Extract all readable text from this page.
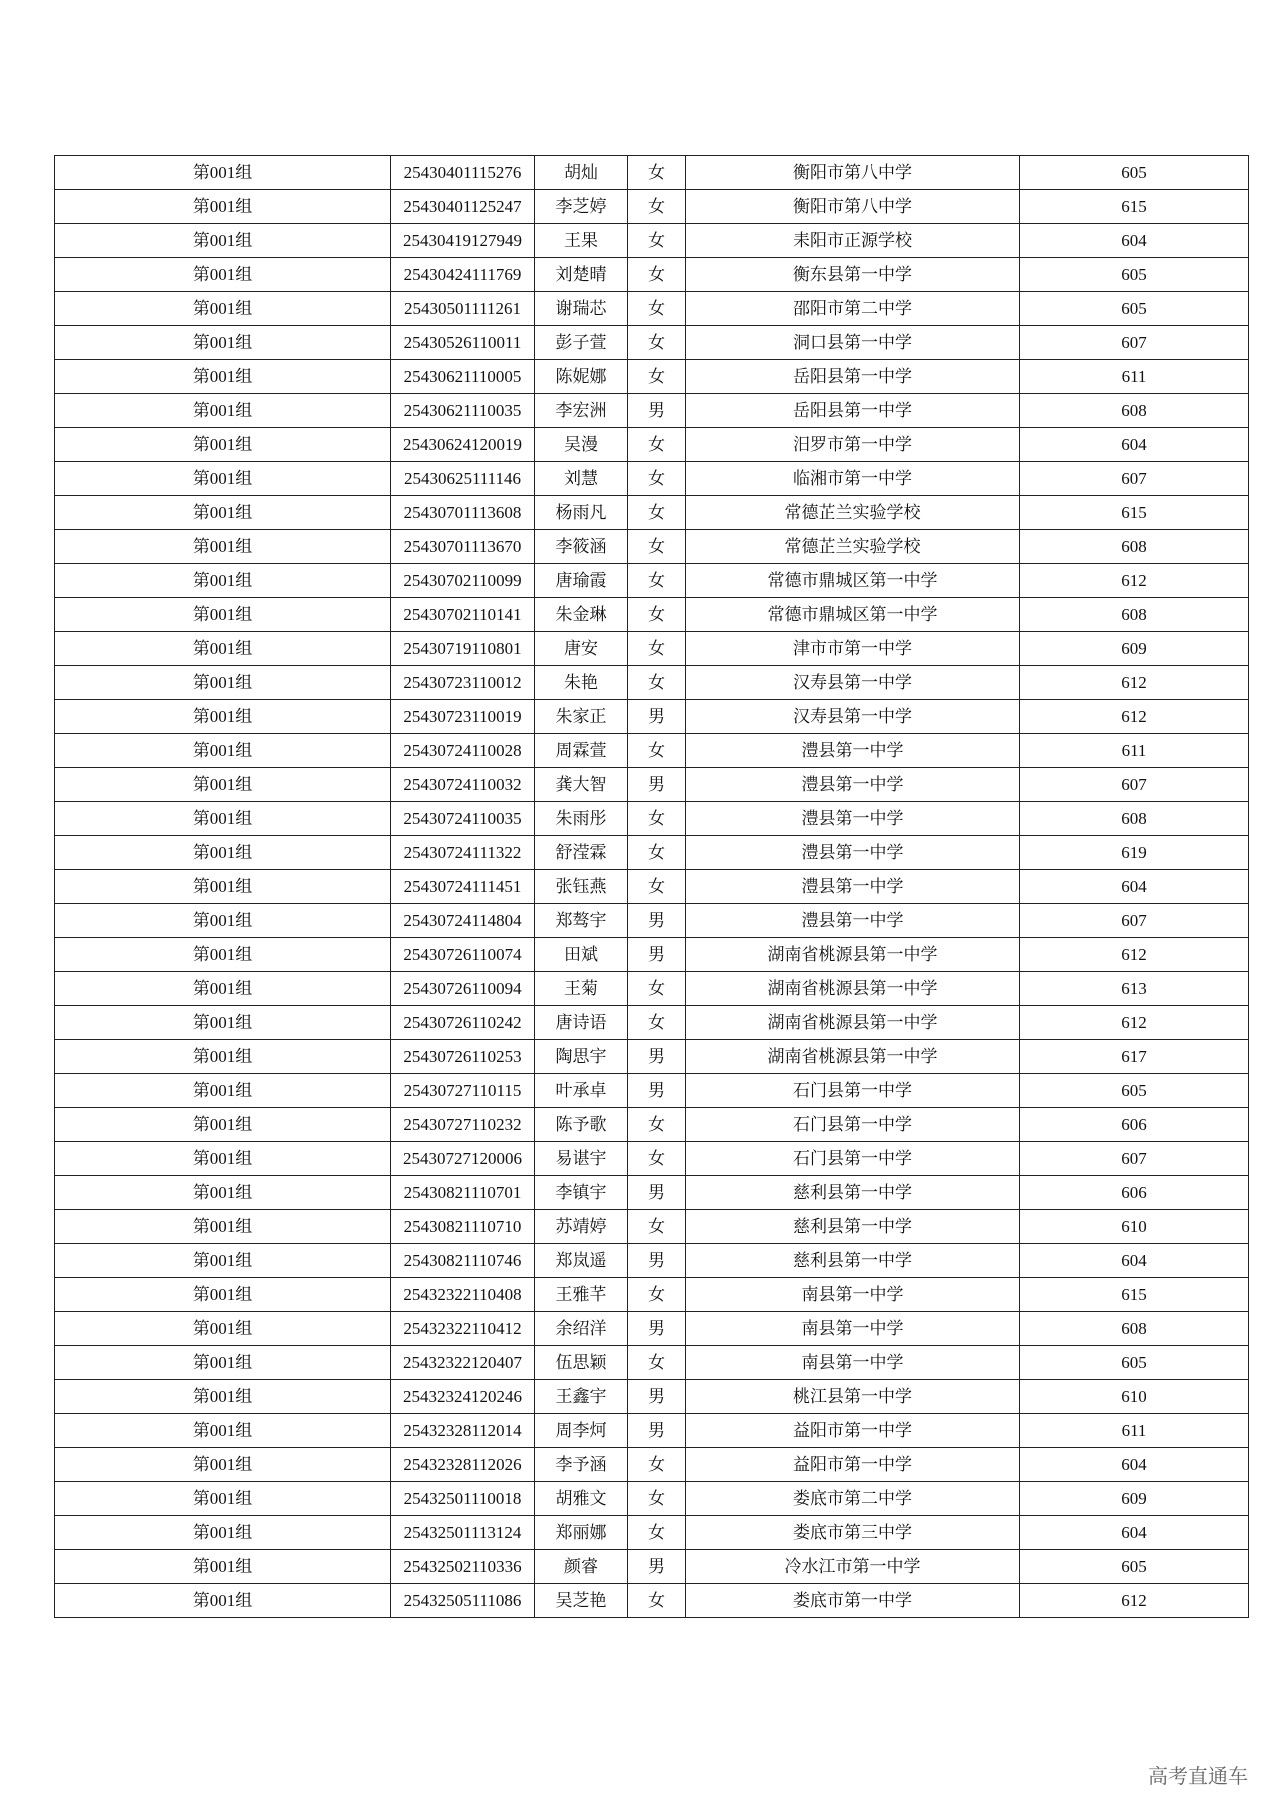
第001组	25430401115276	胡灿	女	衡阳市第八中学	605
第001组	25430401125247	李芝婷	女	衡阳市第八中学	615
第001组	25430419127949	王果	女	耒阳市正源学校	604
第001组	25430424111769	刘楚晴	女	衡东县第一中学	605
第001组	25430501111261	谢瑞芯	女	邵阳市第二中学	605
第001组	25430526110011	彭子萱	女	洞口县第一中学	607
第001组	25430621110005	陈妮娜	女	岳阳县第一中学	611
第001组	25430621110035	李宏洲	男	岳阳县第一中学	608
第001组	25430624120019	吴漫	女	汨罗市第一中学	604
第001组	25430625111146	刘慧	女	临湘市第一中学	607
第001组	25430701113608	杨雨凡	女	常德芷兰实验学校	615
第001组	25430701113670	李筱涵	女	常德芷兰实验学校	608
第001组	25430702110099	唐瑜霞	女	常德市鼎城区第一中学	612
第001组	25430702110141	朱金琳	女	常德市鼎城区第一中学	608
第001组	25430719110801	唐安	女	津市市第一中学	609
第001组	25430723110012	朱艳	女	汉寿县第一中学	612
第001组	25430723110019	朱家正	男	汉寿县第一中学	612
第001组	25430724110028	周霖萱	女	澧县第一中学	611
第001组	25430724110032	龚大智	男	澧县第一中学	607
第001组	25430724110035	朱雨彤	女	澧县第一中学	608
第001组	25430724111322	舒滢霖	女	澧县第一中学	619
第001组	25430724111451	张钰燕	女	澧县第一中学	604
第001组	25430724114804	郑骜宇	男	澧县第一中学	607
第001组	25430726110074	田斌	男	湖南省桃源县第一中学	612
第001组	25430726110094	王菊	女	湖南省桃源县第一中学	613
第001组	25430726110242	唐诗语	女	湖南省桃源县第一中学	612
第001组	25430726110253	陶思宇	男	湖南省桃源县第一中学	617
第001组	25430727110115	叶承卓	男	石门县第一中学	605
第001组	25430727110232	陈予歌	女	石门县第一中学	606
第001组	25430727120006	易谌宇	女	石门县第一中学	607
第001组	25430821110701	李镇宇	男	慈利县第一中学	606
第001组	25430821110710	苏靖婷	女	慈利县第一中学	610
第001组	25430821110746	郑岚遥	男	慈利县第一中学	604
第001组	25432322110408	王雅芊	女	南县第一中学	615
第001组	25432322110412	余绍洋	男	南县第一中学	608
第001组	25432322120407	伍思颖	女	南县第一中学	605
第001组	25432324120246	王鑫宇	男	桃江县第一中学	610
第001组	25432328112014	周李炣	男	益阳市第一中学	611
第001组	25432328112026	李予涵	女	益阳市第一中学	604
第001组	25432501110018	胡雅文	女	娄底市第二中学	609
第001组	25432501113124	郑丽娜	女	娄底市第三中学	604
第001组	25432502110336	颜睿	男	冷水江市第一中学	605
第001组	25432505111086	吴芝艳	女	娄底市第一中学	612
高考直通车
